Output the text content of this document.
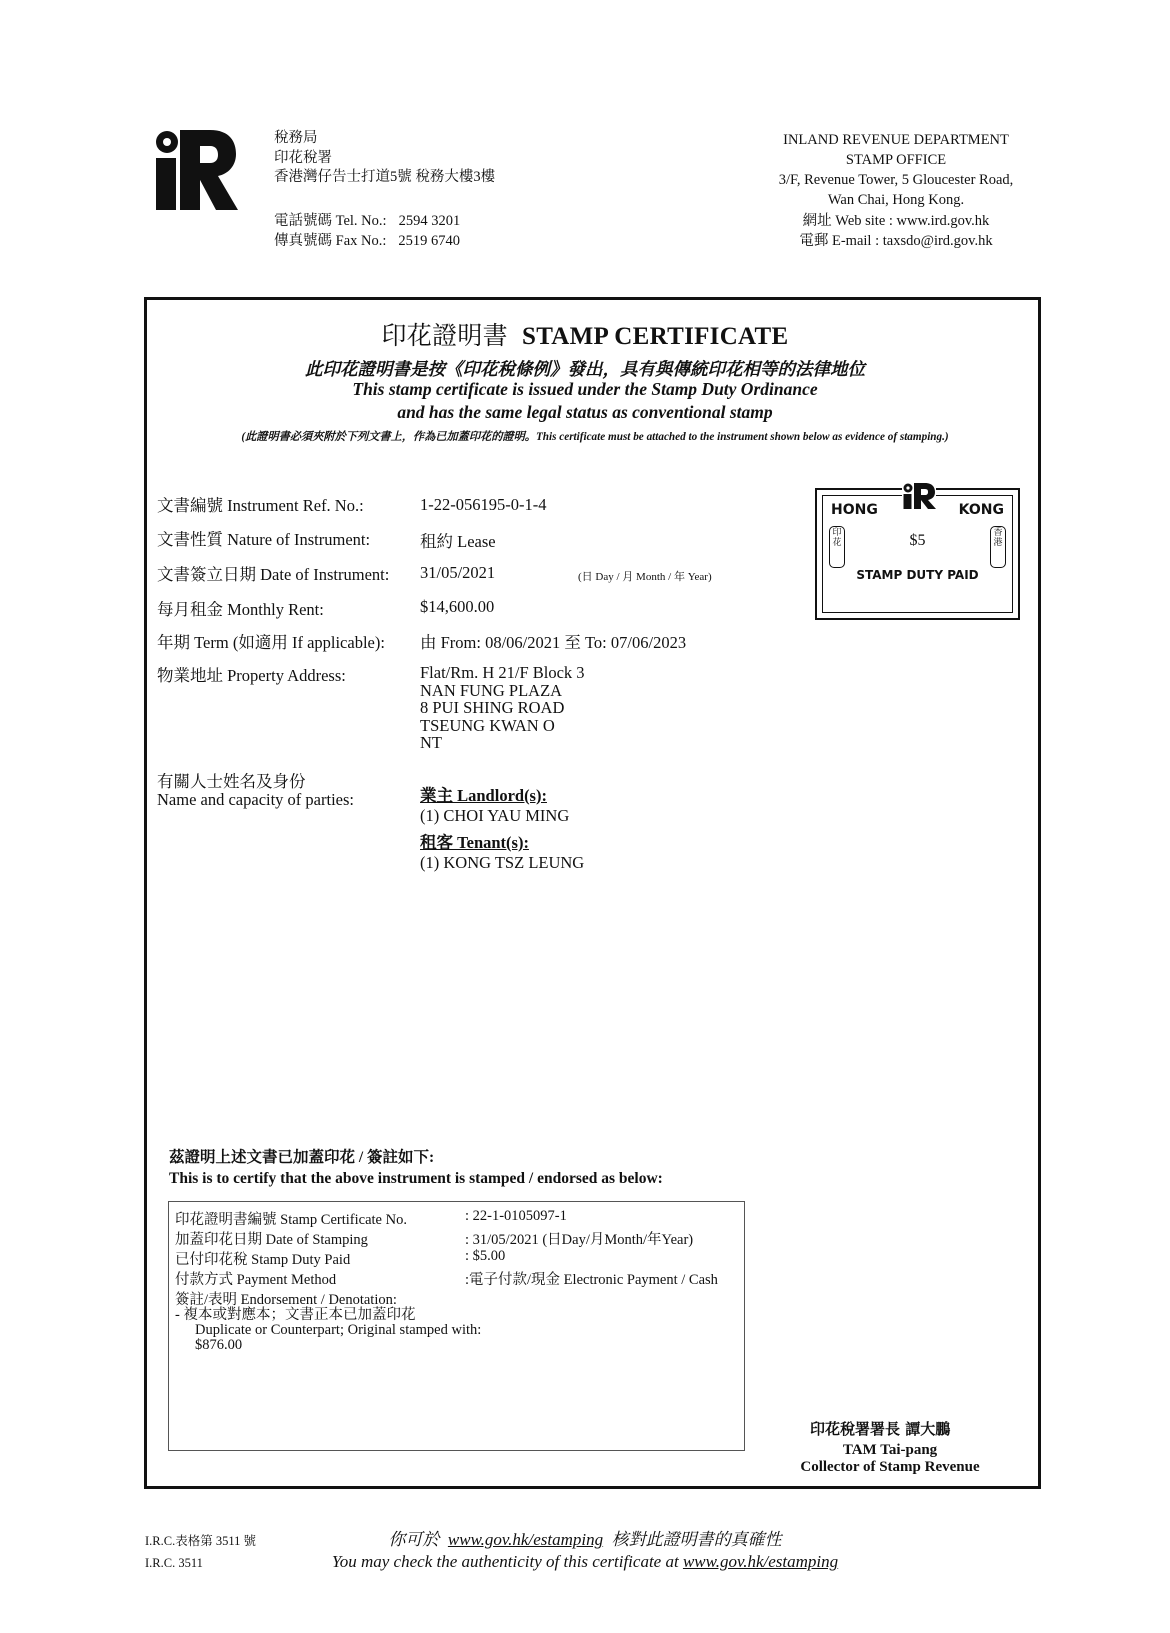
稅務局
印花稅署
香港灣仔告士打道5號 稅務大樓3樓
電話號碼 Tel. No.: 2594 3201
傳真號碼 Fax No.: 2519 6740
INLAND REVENUE DEPARTMENT
STAMP OFFICE
3/F, Revenue Tower, 5 Gloucester Road,
Wan Chai, Hong Kong.
網址 Web site : www.ird.gov.hk
電郵 E-mail : taxsdo@ird.gov.hk
印花證明書 STAMP CERTIFICATE
此印花證明書是按《印花稅條例》發出，具有與傳統印花相等的法律地位
This stamp certificate is issued under the Stamp Duty Ordinance
and has the same legal status as conventional stamp
(此證明書必須夾附於下列文書上，作為已加蓋印花的證明。This certificate must be attached to the instrument shown below as evidence of stamping.)
文書編號 Instrument Ref. No.:	1-22-056195-0-1-4
文書性質 Nature of Instrument:	租約 Lease
文書簽立日期 Date of Instrument: 31/05/2021	(日 Day / 月 Month / 年 Year)
每月租金 Monthly Rent:	$14,600.00
年期 Term (如適用 If applicable): 由 From: 08/06/2021 至 To: 07/06/2023
物業地址 Property Address:	Flat/Rm. H 21/F Block 3
NAN FUNG PLAZA
8 PUI SHING ROAD
TSEUNG KWAN O
NT
有關人士姓名及身份
Name and capacity of parties:	業主 Landlord(s):
(1) CHOI YAU MING
租客 Tenant(s):
(1) KONG TSZ LEUNG
HONG	KONG
印花
香港
$5
STAMP DUTY PAID
茲證明上述文書已加蓋印花 / 簽註如下:
This is to certify that the above instrument is stamped / endorsed as below:
印花證明書編號 Stamp Certificate No.	: 22-1-0105097-1
加蓋印花日期 Date of Stamping	: 31/05/2021 (日Day/月Month/年Year)
已付印花稅 Stamp Duty Paid	: $5.00
付款方式 Payment Method	:電子付款/現金 Electronic Payment / Cash
簽註/表明 Endorsement / Denotation:
- 複本或對應本；文書正本已加蓋印花
Duplicate or Counterpart; Original stamped with:
$876.00
印花稅署署長 譚大鵬
TAM Tai-pang
Collector of Stamp Revenue
I.R.C.表格第 3511 號
I.R.C. 3511
你可於 www.gov.hk/estamping 核對此證明書的真確性
You may check the authenticity of this certificate at www.gov.hk/estamping
